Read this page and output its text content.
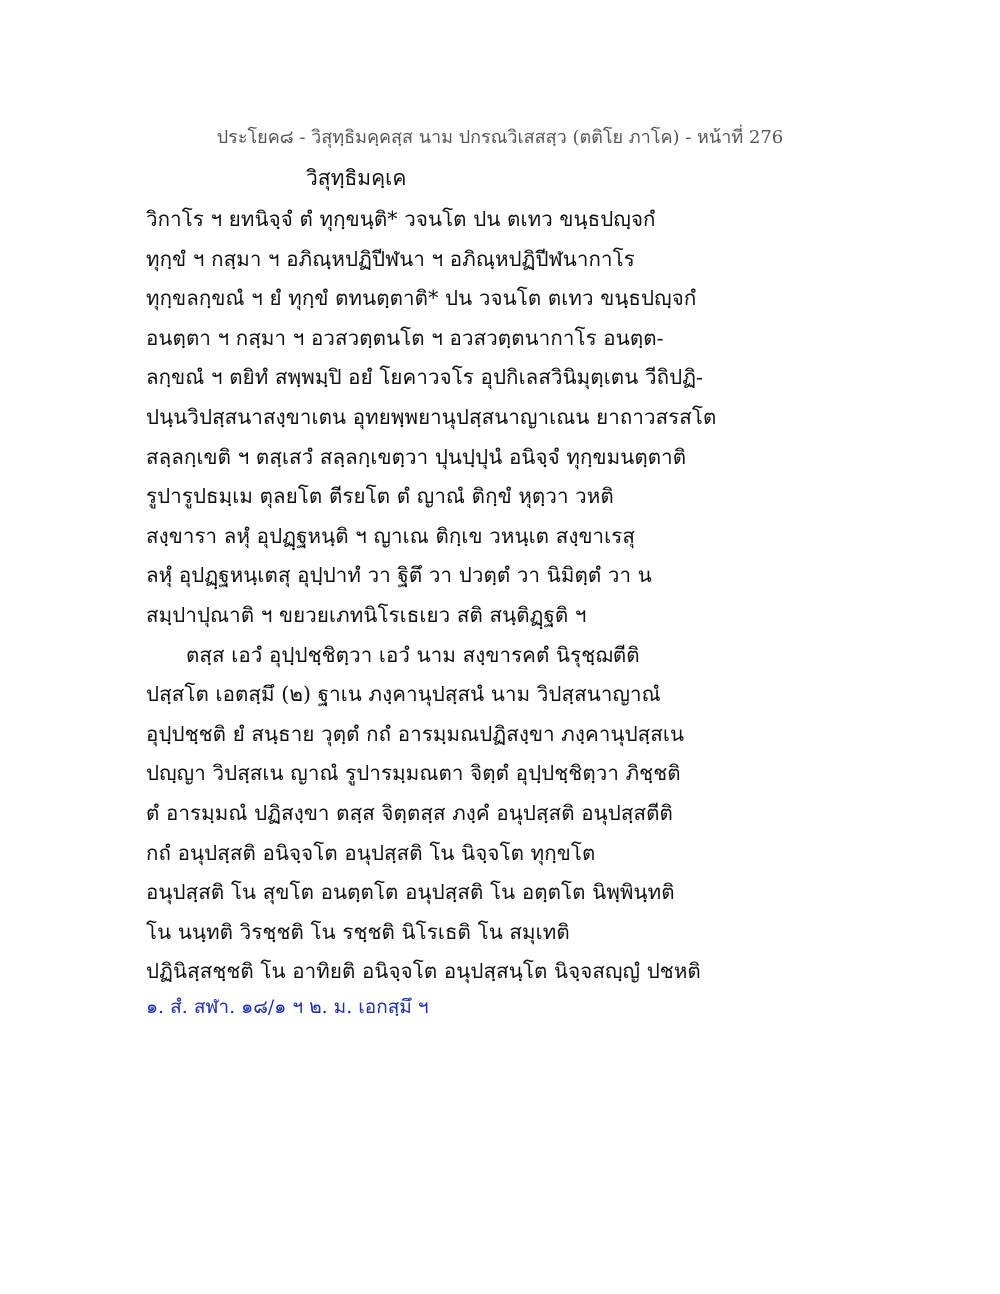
ประโยค๘ - วิสุทฺธิมคฺคสฺส นาม ปกรณวิเสสสฺว (ตติโย ภาโค) - หน้าที่ 276
วิสุทฺธิมคฺเค
วิกาโร ฯ ยทนิจฺจํ ตํ ทุกฺขนฺติ* วจนโต ปน ตเทว ขนฺธปญฺจกํ
ทุกฺขํ ฯ กสฺมา ฯ อภิณฺหปฏิปีฬนา ฯ อภิณฺหปฏิปีฬนากาโร
ทุกฺขลกฺขณํ ฯ ยํ ทุกฺขํ ตทนตฺตาติ* ปน วจนโต ตเทว ขนฺธปญฺจกํ
อนตฺตา ฯ กสฺมา ฯ อวสวตฺตนโต ฯ อวสวตฺตนากาโร อนตฺต-
ลกฺขณํ ฯ ตยิทํ สพฺพมฺปิ อยํ โยคาวจโร อุปกิเลสวินิมุตฺเตน วีถิปฏิ-
ปนฺนวิปสฺสนาสงฺขาเตน อุทยพฺพยานุปสฺสนาญาเณน ยาถาวสรสโต
สลฺลกฺเขติ ฯ ตสฺเสวํ สลฺลกฺเขตฺวา ปุนปฺปุนํ อนิจฺจํ ทุกฺขมนตฺตาติ
รูปารูปธมฺเม ตุลยโต ตีรยโต ตํ ญาณํ ติกฺขํ หุตฺวา วหติ
สงฺขารา ลหุํ อุปฏฺฐหนฺติ ฯ ญาเณ ติกฺเข วหนฺเต สงฺขาเรสุ
ลหุํ อุปฏฺฐหนฺเตสุ อุปฺปาทํ วา ฐิตึ วา ปวตฺตํ วา นิมิตฺตํ วา น
สมฺปาปุณาติ ฯ ขยวยเภทนิโรเธเยว สติ สนฺติฏฺฐติ ฯ
ตสฺส เอวํ อุปฺปชฺชิตฺวา เอวํ นาม สงฺขารคตํ นิรุชฺฌตีติ
ปสฺสโต เอตสฺมึ (๒) ฐาเน ภงฺคานุปสฺสนํ นาม วิปสฺสนาญาณํ
อุปฺปชฺชติ ยํ สนฺธาย วุตฺตํ กถํ อารมฺมณปฏิสงฺขา ภงฺคานุปสฺสเน
ปญฺญา วิปสฺสเน ญาณํ รูปารมฺมณตา จิตฺตํ อุปฺปชฺชิตฺวา ภิชฺชติ
ตํ อารมฺมณํ ปฏิสงฺขา ตสฺส จิตฺตสฺส ภงฺคํ อนุปสฺสติ อนุปสฺสตีติ
กถํ อนุปสฺสติ อนิจฺจโต อนุปสฺสติ โน นิจฺจโต ทุกฺขโต
อนุปสฺสติ โน สุขโต อนตฺตโต อนุปสฺสติ โน อตฺตโต นิพฺพินฺทติ
โน นนฺทติ วิรชฺชติ โน รชฺชติ นิโรเธติ โน สมุเทติ
ปฏินิสฺสชฺชติ โน อาทิยติ อนิจฺจโต อนุปสฺสนฺโต นิจฺจสญฺญํ ปชหติ
๑. สํ. สฬา. ๑๘/๑ ฯ ๒. ม. เอกสฺมึ ฯ
